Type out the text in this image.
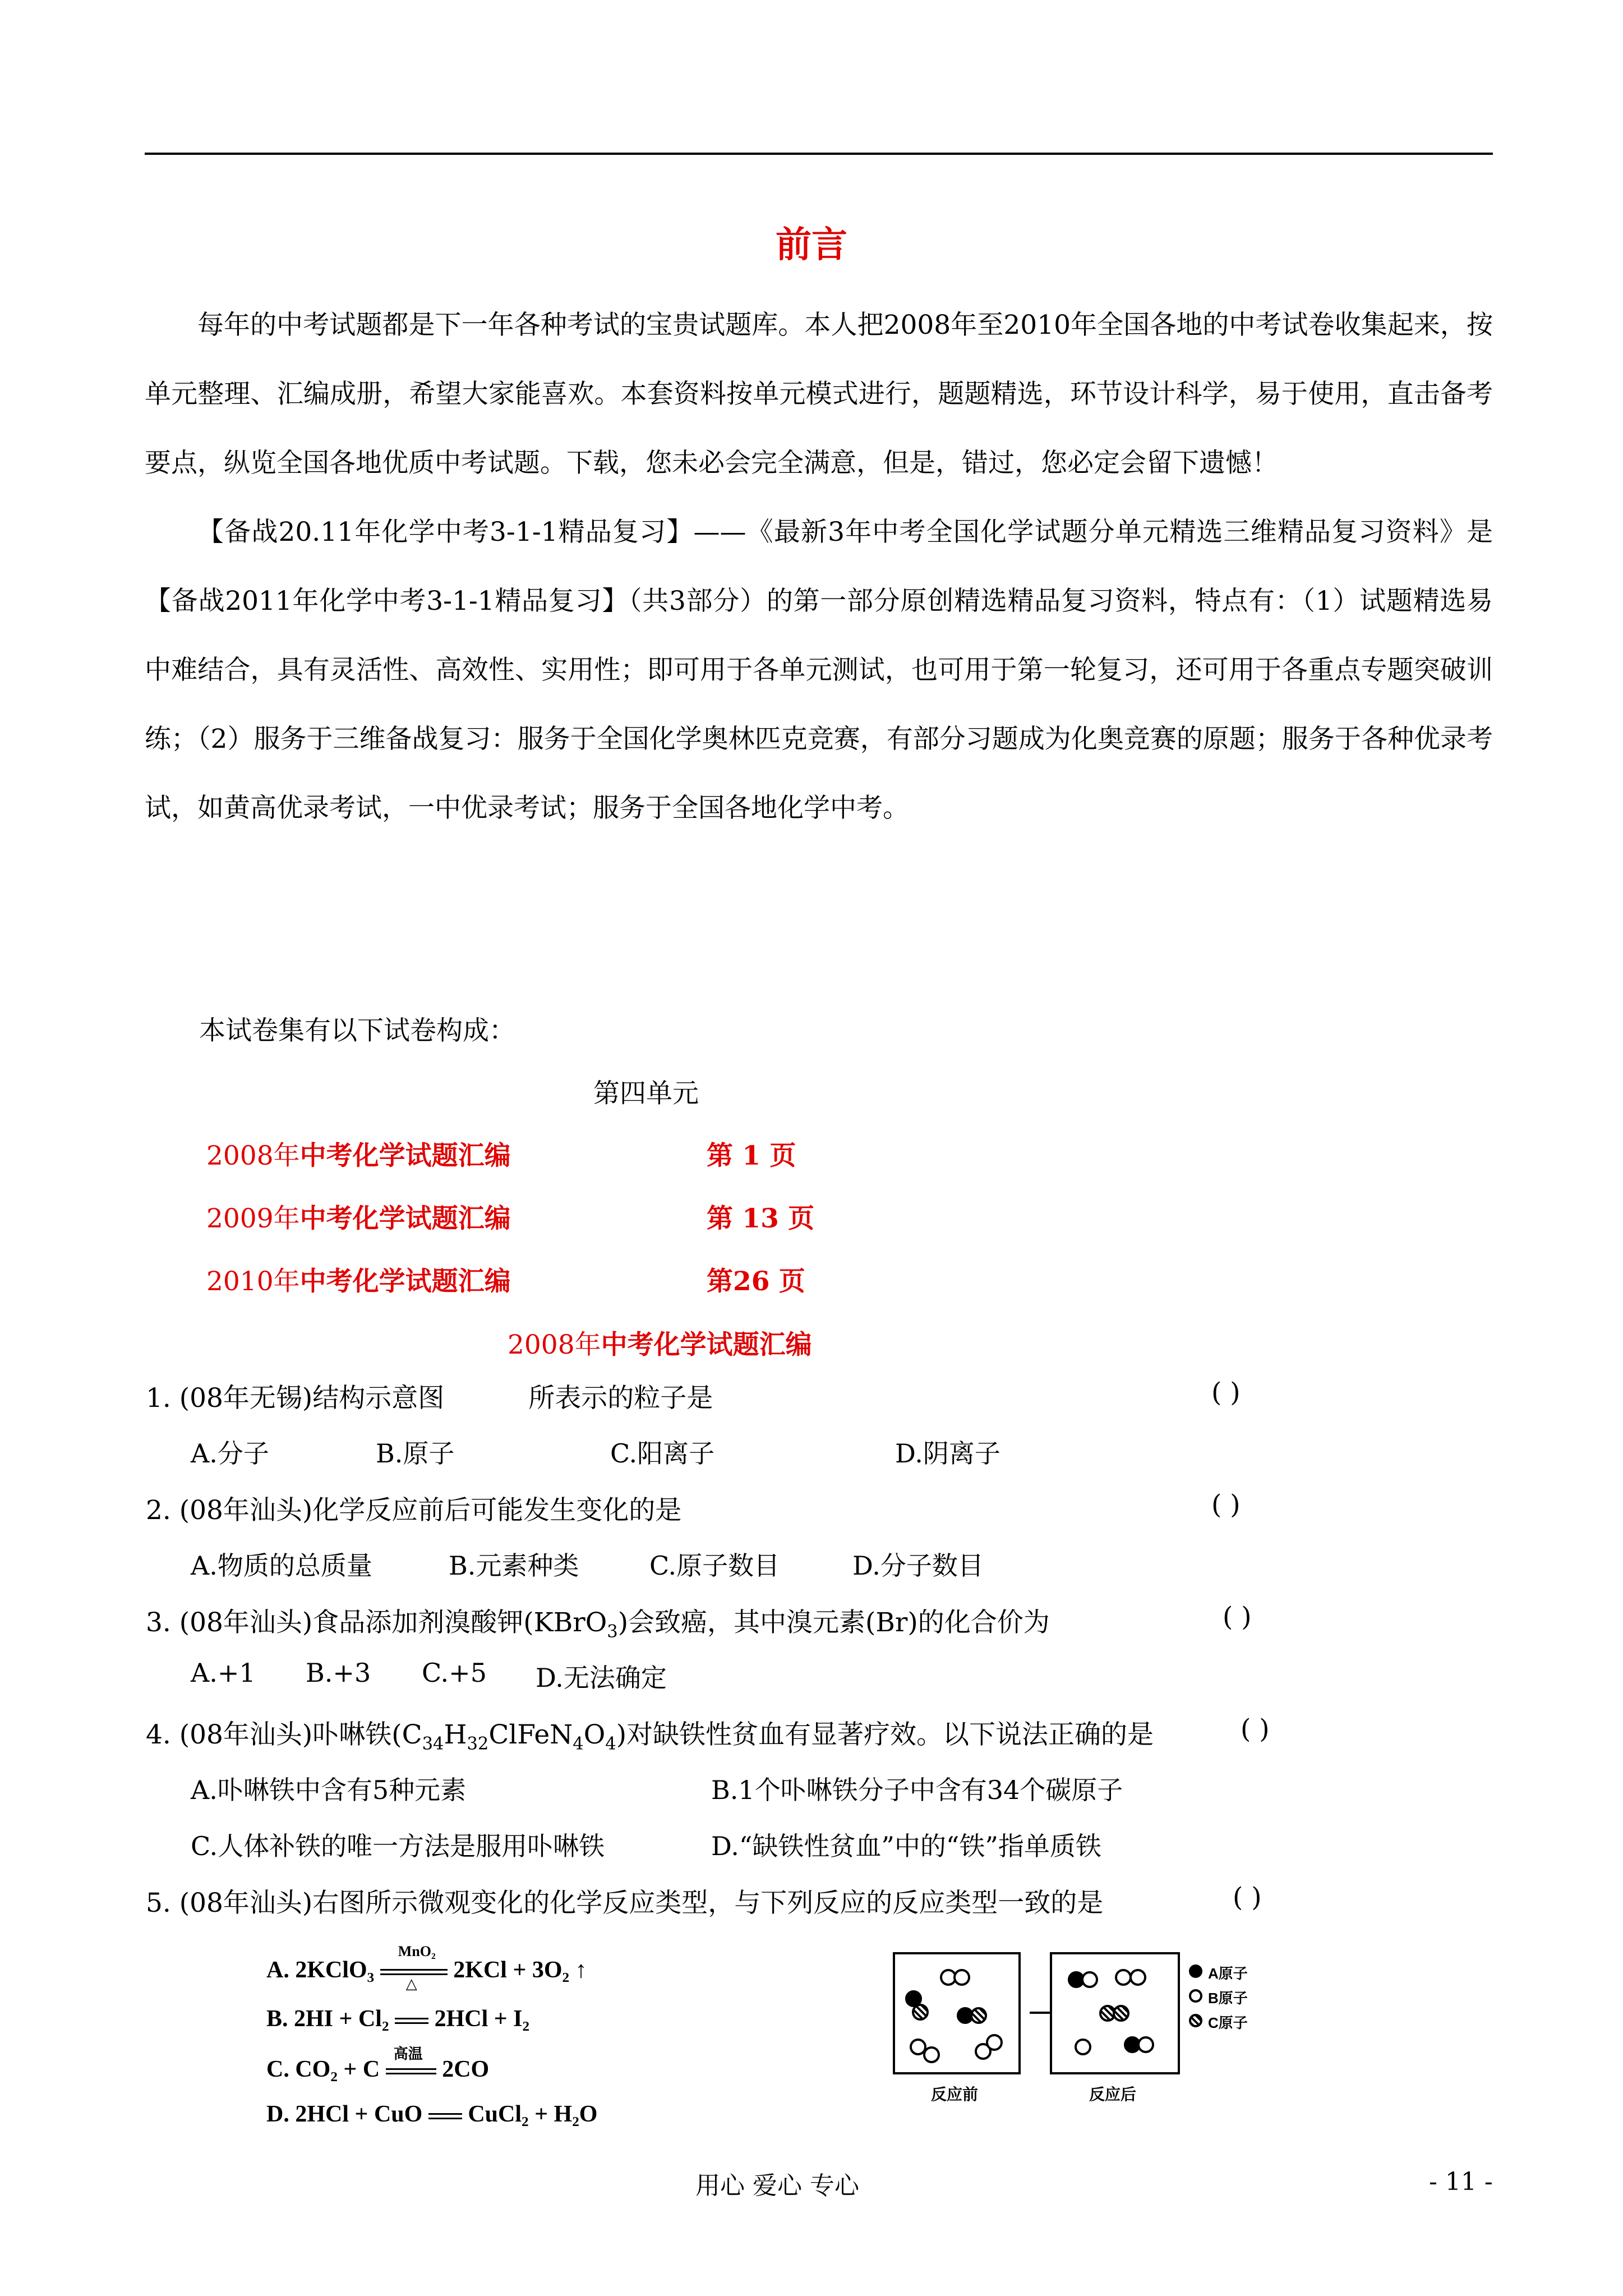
前言

每年的中考试题都是下一年各种考试的宝贵试题库。本人把2008年至2010年全国各地的中考试卷收集起来，按单元整理、汇编成册，希望大家能喜欢。本套资料按单元模式进行，题题精选，环节设计科学，易于使用，直击备考要点，纵览全国各地优质中考试题。下载，您未必会完全满意，但是，错过，您必定会留下遗憾！

【备战20.11年化学中考3-1-1精品复习】——《最新3年中考全国化学试题分单元精选三维精品复习资料》是【备战2011年化学中考3-1-1精品复习】（共3部分）的第一部分原创精选精品复习资料，特点有：（1）试题精选易中难结合，具有灵活性、高效性、实用性；即可用于各单元测试，也可用于第一轮复习，还可用于各重点专题突破训练；（2）服务于三维备战复习：服务于全国化学奥林匹克竞赛，有部分习题成为化奥竞赛的原题；服务于各种优录考试，如黄高优录考试，一中优录考试；服务于全国各地化学中考。

本试卷集有以下试卷构成：
第四单元
2008年中考化学试题汇编	第 1 页
2009年中考化学试题汇编	第 13 页
2010年中考化学试题汇编	第26 页
2008年中考化学试题汇编
1. (08年无锡)结构示意图	所表示的粒子是	( )
A.分子	B.原子	C.阳离子	D.阴离子
2. (08年汕头)化学反应前后可能发生变化的是	( )
A.物质的总质量	B.元素种类	C.原子数目	D.分子数目
3. (08年汕头)食品添加剂溴酸钾(KBrO$_3$)会致癌，其中溴元素(Br)的化合价为	( )
A.+1 B.+3 C.+5 D.无法确定
4. (08年汕头)卟啉铁$(C_{34}H_{32}ClFeN_4O_4)$对缺铁性贫血有显著疗效。以下说法正确的是	( )
A.卟啉铁中含有5种元素	B.1个卟啉铁分子中含有34个碳原子
C.人体补铁的唯一方法是服用卟啉铁	D.“缺铁性贫血”中的“铁”指单质铁
5. (08年汕头)右图所示微观变化的化学反应类型，与下列反应的反应类型一致的是	( )
A. 2KClO₃
MnO₂
△
2KCl + 3O₂ ↑
B. 2HI + Cl₂ 2HCl + I₂
C. CO₂ + C
高温
2CO
D. 2HCl + CuO CuCl₂ + H₂O
反应前	反应后
A原子
B原子
C原子
用心 爱心 专心	- 11 -
